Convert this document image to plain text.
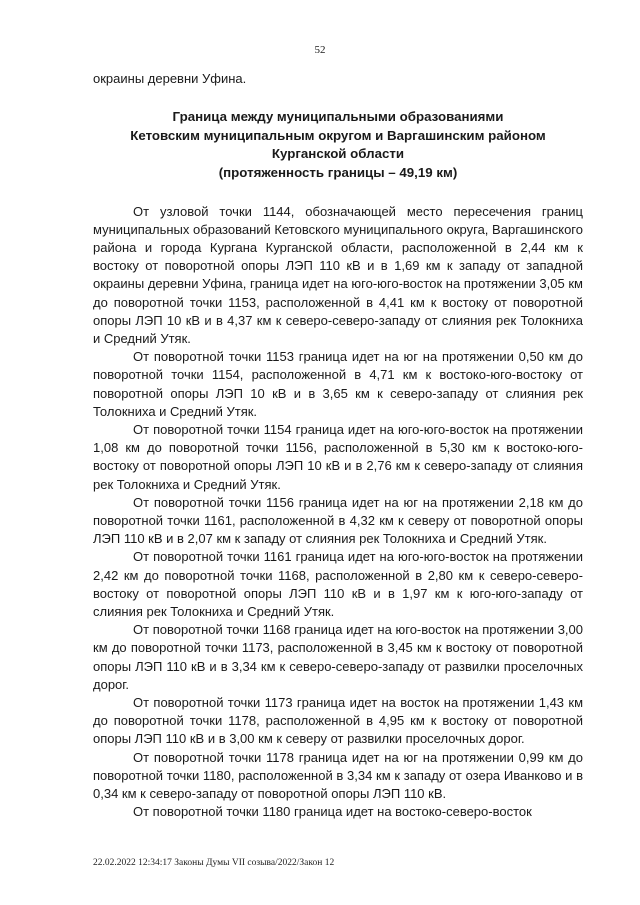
52

окраины деревни Уфина.

Граница между муниципальными образованиями
Кетовским муниципальным округом и Варгашинским районом
Курганской области
(протяженность границы – 49,19 км)

От узловой точки 1144, обозначающей место пересечения границ муниципальных образований Кетовского муниципального округа, Варгашинского района и города Кургана Курганской области, расположенной в 2,44 км к востоку от поворотной опоры ЛЭП 110 кВ и в 1,69 км к западу от западной окраины деревни Уфина, граница идет на юго-юго-восток на протяжении 3,05 км до поворотной точки 1153, расположенной в 4,41 км к востоку от поворотной опоры ЛЭП 10 кВ и в 4,37 км к северо-северо-западу от слияния рек Толокниха и Средний Утяк.

От поворотной точки 1153 граница идет на юг на протяжении 0,50 км до поворотной точки 1154, расположенной в 4,71 км к востоко-юго-востоку от поворотной опоры ЛЭП 10 кВ и в 3,65 км к северо-западу от слияния рек Толокниха и Средний Утяк.

От поворотной точки 1154 граница идет на юго-юго-восток на протяжении 1,08 км до поворотной точки 1156, расположенной в 5,30 км к востоко-юго-востоку от поворотной опоры ЛЭП 10 кВ и в 2,76 км к северо-западу от слияния рек Толокниха и Средний Утяк.

От поворотной точки 1156 граница идет на юг на протяжении 2,18 км до поворотной точки 1161, расположенной в 4,32 км к северу от поворотной опоры ЛЭП 110 кВ и в 2,07 км к западу от слияния рек Толокниха и Средний Утяк.

От поворотной точки 1161 граница идет на юго-юго-восток на протяжении 2,42 км до поворотной точки 1168, расположенной в 2,80 км к северо-северо-востоку от поворотной опоры ЛЭП 110 кВ и в 1,97 км к юго-юго-западу от слияния рек Толокниха и Средний Утяк.

От поворотной точки 1168 граница идет на юго-восток на протяжении 3,00 км до поворотной точки 1173, расположенной в 3,45 км к востоку от поворотной опоры ЛЭП 110 кВ и в 3,34 км к северо-северо-западу от развилки проселочных дорог.

От поворотной точки 1173 граница идет на восток на протяжении 1,43 км до поворотной точки 1178, расположенной в 4,95 км к востоку от поворотной опоры ЛЭП 110 кВ и в 3,00 км к северу от развилки проселочных дорог.

От поворотной точки 1178 граница идет на юг на протяжении 0,99 км до поворотной точки 1180, расположенной в 3,34 км к западу от озера Иванково и в 0,34 км к северо-западу от поворотной опоры ЛЭП 110 кВ.

От поворотной точки 1180 граница идет на востоко-северо-восток

22.02.2022 12:34:17 Законы Думы VII созыва/2022/Закон 12
